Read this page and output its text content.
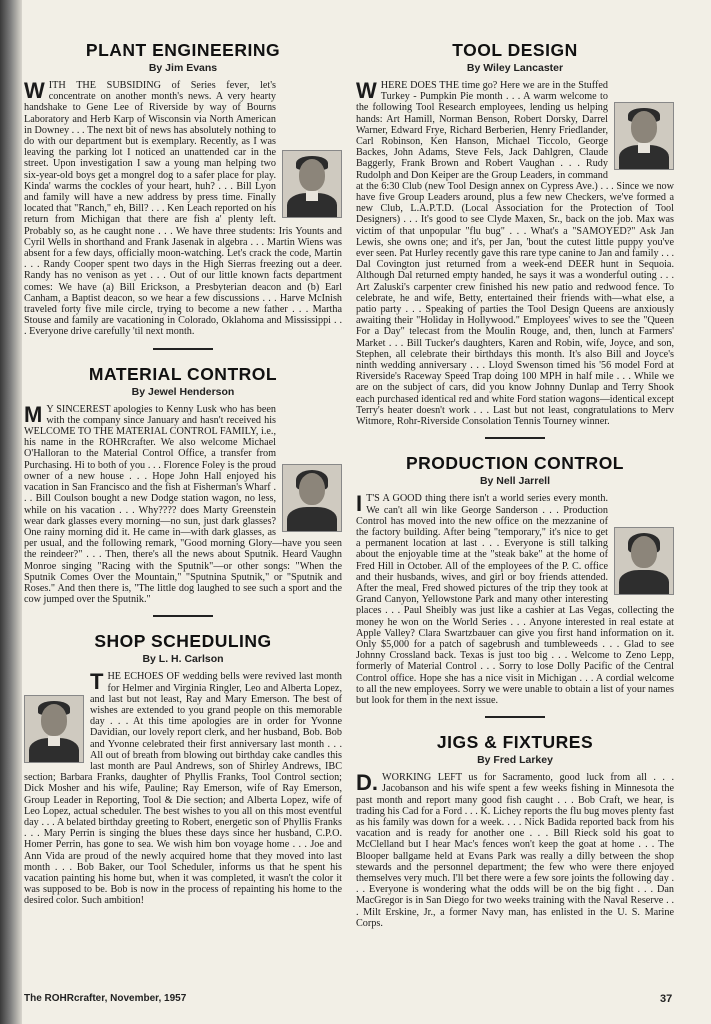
PLANT ENGINEERING
By Jim Evans

WITH THE SUBSIDING of Series fever, let's concentrate on another month's news. A very hearty handshake to Gene Lee of Riverside by way of Bourns Laboratory and Herb Karp of Wisconsin via North American in Downey . . . The next bit of news has absolutely nothing to do with our department but is exemplary. Recently, as I was leaving the parking lot I noticed an unattended car in the street. Upon investigation I saw a young man helping two six-year-old boys get a mongrel dog to a safer place for play. Kinda' warms the cockles of your heart, huh? . . . Bill Lyon and family will have a new address by press time. Finally located that "Ranch," eh, Bill? . . . Ken Leach reported on his return from Michigan that there are fish a' plenty left. Probably so, as he caught none . . . We have three students: Iris Younts and Cyril Wells in shorthand and Frank Jasenak in algebra . . . Martin Wiens was absent for a few days, officially moon-watching. Let's crack the code, Martin . . . Randy Cooper spent two days in the High Sierras freezing out a deer. Randy has no venison as yet . . . Out of our little known facts department comes: We have (a) Bill Erickson, a Presbyterian deacon and (b) Earl Canham, a Baptist deacon, so we hear a few discussions . . . Harve McInish traveled forty five mile circle, trying to become a new father . . . Martha Stouse and family are vacationing in Colorado, Oklahoma and Mississippi . . . Everyone drive carefully 'til next month.

MATERIAL CONTROL
By Jewel Henderson

M Y SINCEREST apologies to Kenny Lusk who has been with the company since January and hasn't received his WELCOME TO THE MATERIAL CONTROL FAMILY, i.e., his name in the ROHRcrafter. We also welcome Michael O'Halloran to the Material Control Office, a transfer from Purchasing. Hi to both of you . . . Florence Foley is the proud owner of a new house . . . Hope John Hall enjoyed his vacation in San Francisco and the fish at Fisherman's Wharf . . . Bill Coulson bought a new Dodge station wagon, no less, while on his vacation . . . Why???? does Marty Greenstein wear dark glasses every morning—no sun, just dark glasses? One rainy morning did it. He came in—with dark glasses, as per usual, and the following remark, "Good morning Glory—have you seen the reindeer?" . . . Then, there's all the news about Sputnik. Heard Vaughn Monroe singing "Racing with the Sputnik"—or other songs: "When the Sputnik Comes Over the Mountain," "Sputnina Sputnik," or "Sputnik and Roses." And then there is, "The little dog laughed to see such a sport and the cow jumped over the Sputnik."

SHOP SCHEDULING
By L. H. Carlson

THE ECHOES OF wedding bells were revived last month for Helmer and Virginia Ringler, Leo and Alberta Lopez, and last but not least, Ray and Mary Emerson. The best of wishes are extended to you grand people on this memorable day . . . At this time apologies are in order for Yvonne Davidian, our lovely report clerk, and her husband, Bob. Bob and Yvonne celebrated their first anniversary last month . . . All out of breath from blowing out birthday cake candles this last month are Paul Andrews, son of Shirley Andrews, IBC section; Barbara Franks, daughter of Phyllis Franks, Tool Control section; Dick Mosher and his wife, Pauline; Ray Emerson, wife of Ray Emerson, Group Leader in Reporting, Tool & Die section; and Alberta Lopez, wife of Leo Lopez, actual scheduler. The best wishes to you all on this most eventful day . . . A belated birthday greeting to Robert, energetic son of Phyllis Franks . . . Mary Perrin is singing the blues these days since her husband, C.P.O. Homer Perrin, has gone to sea. We wish him bon voyage home . . . Joe and Ann Vida are proud of the newly acquired home that they moved into last month . . . Bob Baker, our Tool Scheduler, informs us that he spent his vacation painting his home but, when it was completed, it wasn't the color it was supposed to be. Bob is now in the process of repainting his home to the desired color. Such ambition!

TOOL DESIGN
By Wiley Lancaster

WHERE DOES THE time go? Here we are in the Stuffed Turkey - Pumpkin Pie month . . . A warm welcome to the following Tool Research employees, lending us helping hands: Art Hamill, Norman Benson, Robert Dorsky, Darrel Warner, Edward Frye, Richard Berberien, Henry Friedlander, Carl Robinson, Ken Hanson, Michael Ticcolo, George Backes, John Adams, Steve Fels, Jack Dahlgren, Claude Baggerly, Frank Brown and Robert Vaughan . . . Rudy Rudolph and Don Keiper are the Group Leaders, in command at the 6:30 Club (new Tool Design annex on Cypress Ave.) . . . Since we now have five Group Leaders around, plus a few new Checkers, we've formed a new Club, L.A.P.T.D. (Local Association for the Protection of Tool Designers) . . . It's good to see Clyde Maxen, Sr., back on the job. Max was victim of that unpopular "flu bug" . . . What's a "SAMOYED?" Ask Jan Lewis, she owns one; and it's, per Jan, 'bout the cutest little puppy you've ever seen. Pat Hurley recently gave this rare type canine to Jan and family . . . Dal Covington just returned from a week-end DEER hunt in Sequoia. Although Dal returned empty handed, he says it was a wonderful outing . . . Art Zaluski's carpenter crew finished his new patio and redwood fence. To celebrate, he and wife, Betty, entertained their friends with—what else, a patio party . . . Speaking of parties the Tool Design Queens are anxiously awaiting their "Holiday in Hollywood." Employees' wives to see the "Queen For a Day" telecast from the Moulin Rouge, and, then, lunch at Farmers' Market . . . Bill Tucker's daughters, Karen and Robin, wife, Joyce, and son, Stephen, all celebrate their birthdays this month. It's also Bill and Joyce's ninth wedding anniversary . . . Lloyd Swenson timed his '56 model Ford at Riverside's Raceway Speed Trap doing 100 MPH in half mile . . . While we are on the subject of cars, did you know Johnny Dunlap and Terry Shook each purchased identical red and white Ford station wagons—identical except Terry's heater doesn't work . . . Last but not least, congratulations to Merv Witmore, Rohr-Riverside Consolation Tennis Tourney winner.

PRODUCTION CONTROL
By Nell Jarrell

I T'S A GOOD thing there isn't a world series every month. We can't all win like George Sanderson . . . Production Control has moved into the new office on the mezzanine of the factory building. After being "temporary," it's nice to get a permanent location at last . . . Everyone is still talking about the enjoyable time at the "steak bake" at the home of Fred Hill in October. All of the employees of the P. C. office and their husbands, wives, and girl or boy friends attended. After the meal, Fred showed pictures of the trip they took at Grand Canyon, Yellowstone Park and many other interesting places . . . Paul Sheibly was just like a cashier at Las Vegas, collecting the money he won on the World Series . . . Anyone interested in real estate at Apple Valley? Clara Swartzbauer can give you first hand information on it. Only $5,000 for a patch of sagebrush and tumbleweeds . . . Glad to see Johnny Crossland back. Texas is just too big . . . Welcome to Zeno Lepp, formerly of Material Control . . . Sorry to lose Dolly Pacific of the Central Control office. Hope she has a nice visit in Michigan . . . A cordial welcome to all the new employees. Sorry we were unable to obtain a list of your names but look for them in the next issue.

JIGS & FIXTURES
By Fred Larkey

D. WORKING LEFT us for Sacramento, good luck from all . . . Jacobanson and his wife spent a few weeks fishing in Minnesota the past month and report many good fish caught . . . Bob Craft, we hear, is trading his Cad for a Ford . . . K. Lichey reports the flu bug moves plenty fast as his family was down for a week. . . . Nick Badida reported back from his vacation and is ready for another one . . . Bill Rieck sold his goat to McClelland but I hear Mac's fences won't keep the goat at home . . . The Blooper ballgame held at Evans Park was really a dilly between the shop stewards and the personnel department; the few who were there enjoyed themselves very much. I'll bet there were a few sore joints the following day . . . Everyone is wondering what the odds will be on the big fight . . . Dan MacGregor is in San Diego for two weeks training with the Naval Reserve . . . Milt Erskine, Jr., a former Navy man, has enlisted in the U. S. Marine Corps.

The ROHRcrafter, November, 1957	37
